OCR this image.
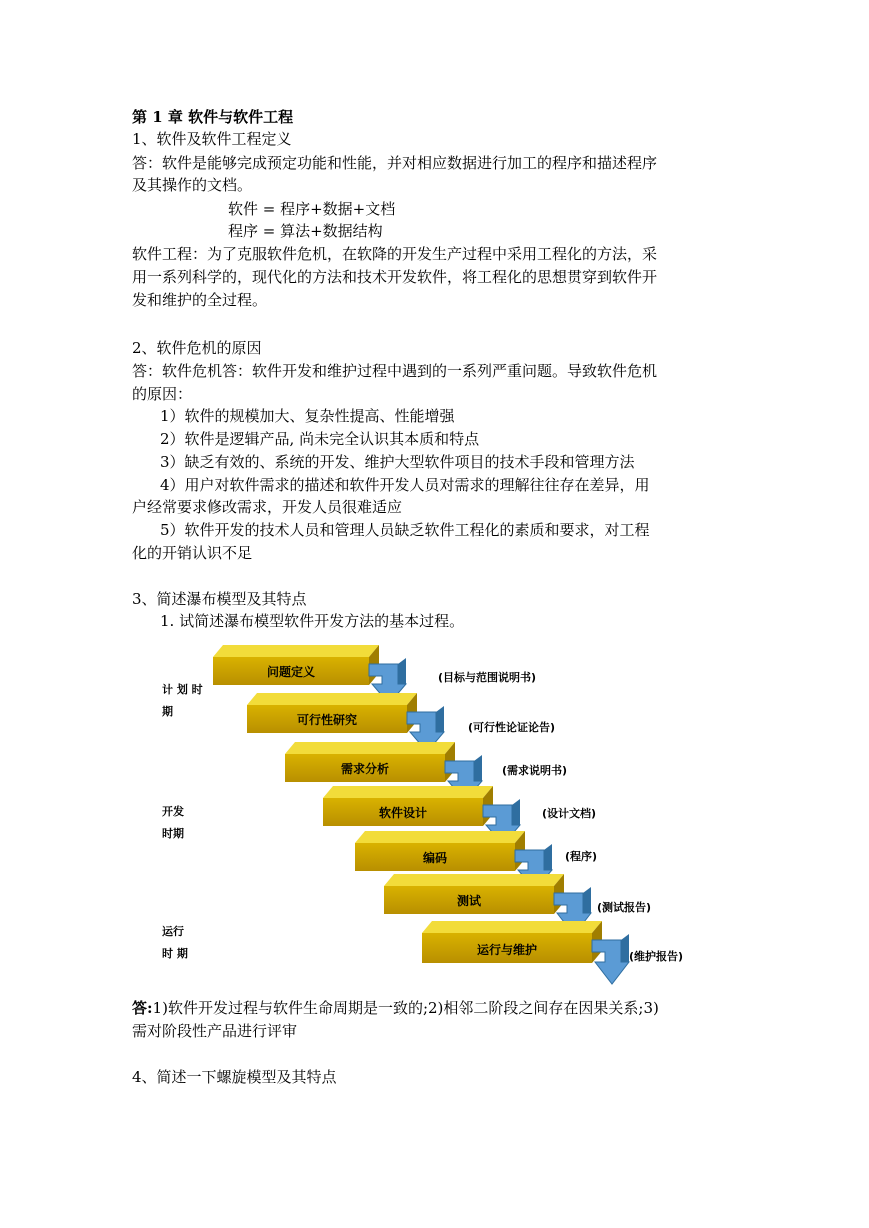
第 1 章 软件与软件工程
1、软件及软件工程定义
答：软件是能够完成预定功能和性能，并对相应数据进行加工的程序和描述程序
及其操作的文档。
软件 = 程序+数据+文档
程序 = 算法+数据结构
软件工程：为了克服软件危机，在软降的开发生产过程中采用工程化的方法，采
用一系列科学的，现代化的方法和技术开发软件，将工程化的思想贯穿到软件开
发和维护的全过程。
2、软件危机的原因
答：软件危机答：软件开发和维护过程中遇到的一系列严重问题。导致软件危机
的原因：
1）软件的规模加大、复杂性提高、性能增强
2）软件是逻辑产品, 尚未完全认识其本质和特点
3）缺乏有效的、系统的开发、维护大型软件项目的技术手段和管理方法
4）用户对软件需求的描述和软件开发人员对需求的理解往往存在差异，用
户经常要求修改需求，开发人员很难适应
5）软件开发的技术人员和管理人员缺乏软件工程化的素质和要求，对工程
化的开销认识不足
3、简述瀑布模型及其特点
1. 试简述瀑布模型软件开发方法的基本过程。
问题定义	(目标与范围说明书)
可行性研究
(可行性论证论告)
需求分析	(需求说明书)
软件设计	(设计文档)
编码	(程序)
测试	(测试报告)
运行与维护	(维护报告)
计 划 时
期
开发
时期
运行
时 期
答:1)软件开发过程与软件生命周期是一致的;2)相邻二阶段之间存在因果关系;3)
需对阶段性产品进行评审
4、简述一下螺旋模型及其特点
